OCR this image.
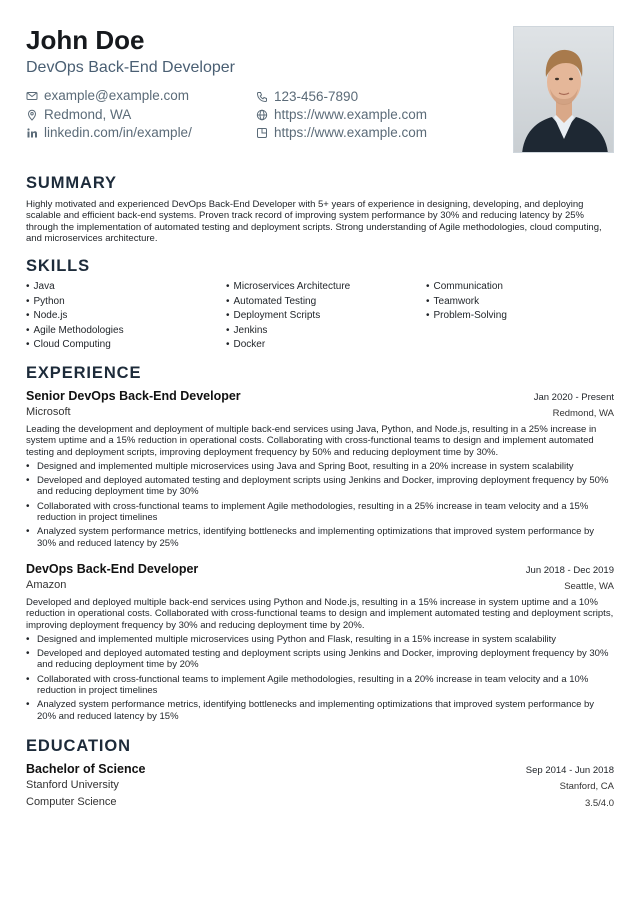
John Doe
DevOps Back-End Developer
example@example.com	123-456-7890
Redmond, WA	https://www.example.com
linkedin.com/in/example/	https://www.example.com
SUMMARY
Highly motivated and experienced DevOps Back-End Developer with 5+ years of experience in designing, developing, and deploying scalable and efficient back-end systems. Proven track record of improving system performance by 30% and reducing latency by 25% through the implementation of automated testing and deployment scripts. Strong understanding of Agile methodologies, cloud computing, and microservices architecture.
SKILLS
• Java
• Python
• Node.js
• Agile Methodologies
• Cloud Computing
• Microservices Architecture
• Automated Testing
• Deployment Scripts
• Jenkins
• Docker
• Communication
• Teamwork
• Problem-Solving
EXPERIENCE
Senior DevOps Back-End Developer	Jan 2020 - Present
Microsoft	Redmond, WA
Leading the development and deployment of multiple back-end services using Java, Python, and Node.js, resulting in a 25% increase in system uptime and a 15% reduction in operational costs. Collaborating with cross-functional teams to design and implement automated testing and deployment scripts, improving deployment frequency by 50% and reducing deployment time by 30%.
• Designed and implemented multiple microservices using Java and Spring Boot, resulting in a 20% increase in system scalability
• Developed and deployed automated testing and deployment scripts using Jenkins and Docker, improving deployment frequency by 50% and reducing deployment time by 30%
• Collaborated with cross-functional teams to implement Agile methodologies, resulting in a 25% increase in team velocity and a 15% reduction in project timelines
• Analyzed system performance metrics, identifying bottlenecks and implementing optimizations that improved system performance by 30% and reduced latency by 25%
DevOps Back-End Developer	Jun 2018 - Dec 2019
Amazon	Seattle, WA
Developed and deployed multiple back-end services using Python and Node.js, resulting in a 15% increase in system uptime and a 10% reduction in operational costs. Collaborated with cross-functional teams to design and implement automated testing and deployment scripts, improving deployment frequency by 30% and reducing deployment time by 20%.
• Designed and implemented multiple microservices using Python and Flask, resulting in a 15% increase in system scalability
• Developed and deployed automated testing and deployment scripts using Jenkins and Docker, improving deployment frequency by 30% and reducing deployment time by 20%
• Collaborated with cross-functional teams to implement Agile methodologies, resulting in a 20% increase in team velocity and a 10% reduction in project timelines
• Analyzed system performance metrics, identifying bottlenecks and implementing optimizations that improved system performance by 20% and reduced latency by 15%
EDUCATION
Bachelor of Science	Sep 2014 - Jun 2018
Stanford University	Stanford, CA
Computer Science	3.5/4.0
